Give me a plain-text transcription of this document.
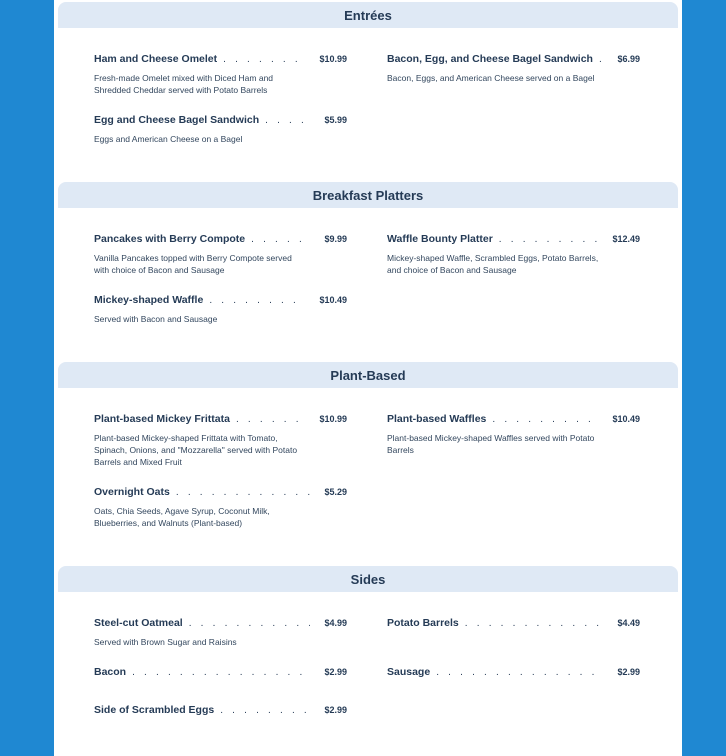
Entrées
Ham and Cheese Omelet . . .	$10.99
Fresh-made Omelet mixed with Diced Ham and Shredded Cheddar served with Potato Barrels
Bacon, Egg, and Cheese Bagel Sandwich . . .	$6.99
Bacon, Eggs, and American Cheese served on a Bagel
Egg and Cheese Bagel Sandwich . . .	$5.99
Eggs and American Cheese on a Bagel
Breakfast Platters
Pancakes with Berry Compote . . .	$9.99
Vanilla Pancakes topped with Berry Compote served with choice of Bacon and Sausage
Waffle Bounty Platter . . .	$12.49
Mickey-shaped Waffle, Scrambled Eggs, Potato Barrels, and choice of Bacon and Sausage
Mickey-shaped Waffle . . .	$10.49
Served with Bacon and Sausage
Plant-Based
Plant-based Mickey Frittata . . .	$10.99
Plant-based Mickey-shaped Frittata with Tomato, Spinach, Onions, and "Mozzarella" served with Potato Barrels and Mixed Fruit
Plant-based Waffles . . .	$10.49
Plant-based Mickey-shaped Waffles served with Potato Barrels
Overnight Oats . . .	$5.29
Oats, Chia Seeds, Agave Syrup, Coconut Milk, Blueberries, and Walnuts (Plant-based)
Sides
Steel-cut Oatmeal . . .	$4.99
Served with Brown Sugar and Raisins
Potato Barrels . . .	$4.49
Bacon . . .	$2.99	Sausage . . .	$2.99
Side of Scrambled Eggs . . .	$2.99
